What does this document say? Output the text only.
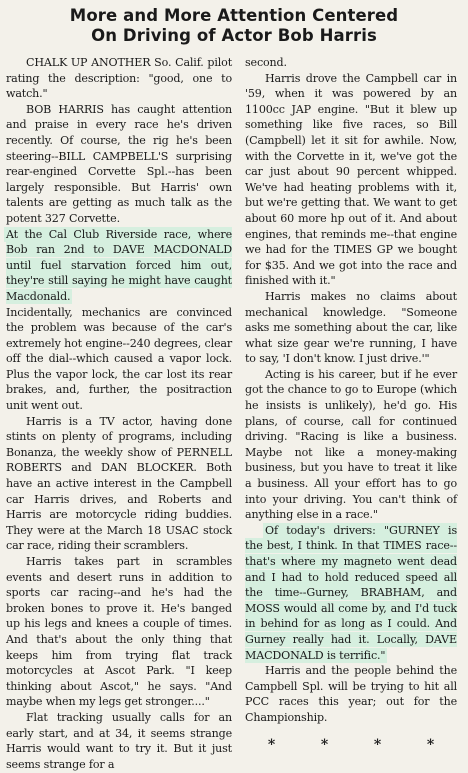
More and More Attention Centered
On Driving of Actor Bob Harris

CHALK UP ANOTHER So. Calif. pilot rating the description: "good, one to watch."

BOB HARRIS has caught attention and praise in every race he's driven recently. Of course, the rig he's been steering--BILL CAMPBELL'S surprising rear-engined Corvette Spl.--has been largely responsible. But Harris' own talents are getting as much talk as the potent 327 Corvette.

At the Cal Club Riverside race, where Bob ran 2nd to DAVE MACDONALD until fuel starvation forced him out, they're still saying he might have caught Macdonald.

Incidentally, mechanics are convinced the problem was because of the car's extremely hot engine--240 degrees, clear off the dial--which caused a vapor lock. Plus the vapor lock, the car lost its rear brakes, and, further, the positraction unit went out.

Harris is a TV actor, having done stints on plenty of programs, including Bonanza, the weekly show of PERNELL ROBERTS and DAN BLOCKER. Both have an active interest in the Campbell car Harris drives, and Roberts and Harris are motorcycle riding buddies. They were at the March 18 USAC stock car race, riding their scramblers.

Harris takes part in scrambles events and desert runs in addition to sports car racing--and he's had the broken bones to prove it. He's banged up his legs and knees a couple of times. And that's about the only thing that keeps him from trying flat track motorcycles at Ascot Park. "I keep thinking about Ascot," he says. "And maybe when my legs get stronger...."

Flat tracking usually calls for an early start, and at 34, it seems strange Harris would want to try it. But it just seems strange for a

second.

Harris drove the Campbell car in '59, when it was powered by an 1100cc JAP engine. "But it blew up something like five races, so Bill (Campbell) let it sit for awhile. Now, with the Corvette in it, we've got the car just about 90 percent whipped. We've had heating problems with it, but we're getting that. We want to get about 60 more hp out of it. And about engines, that reminds me--that engine we had for the TIMES GP we bought for $35. And we got into the race and finished with it."

Harris makes no claims about mechanical knowledge. "Someone asks me something about the car, like what size gear we're running, I have to say, 'I don't know. I just drive.'"

Acting is his career, but if he ever got the chance to go to Europe (which he insists is unlikely), he'd go. His plans, of course, call for continued driving. "Racing is like a business. Maybe not like a money-making business, but you have to treat it like a business. All your effort has to go into your driving. You can't think of anything else in a race."

Of today's drivers: "GURNEY is the best, I think. In that TIMES race--that's where my magneto went dead and I had to hold reduced speed all the time--Gurney, BRABHAM, and MOSS would all come by, and I'd tuck in behind for as long as I could. And Gurney really had it. Locally, DAVE MACDONALD is terrific."

Harris and the people behind the Campbell Spl. will be trying to hit all PCC races this year; out for the Championship.

*	*	*	*
